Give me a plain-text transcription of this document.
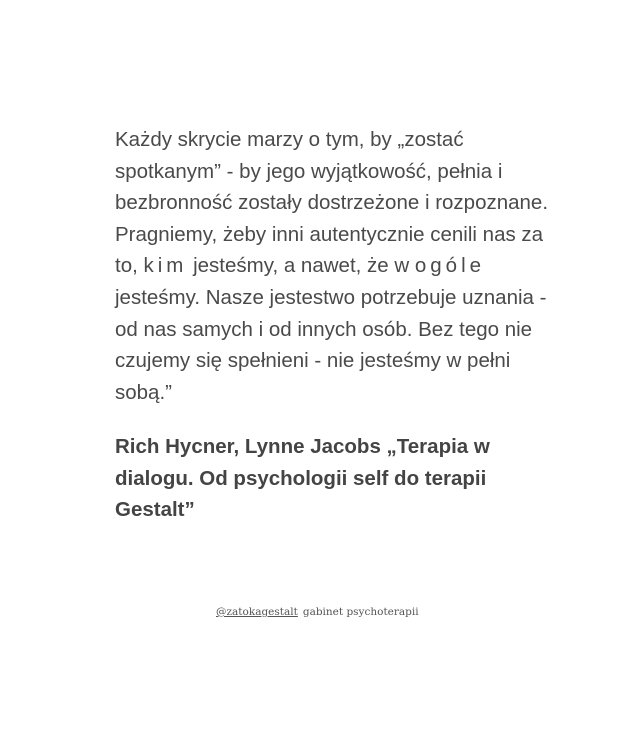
Każdy skrycie marzy o tym, by „zostać
spotkanym” - by jego wyjątkowość, pełnia i
bezbronność zostały dostrzeżone i rozpoznane.
Pragniemy, żeby inni autentycznie cenili nas za
to, kim jesteśmy, a nawet, że w ogóle
jesteśmy. Nasze jestestwo potrzebuje uznania -
od nas samych i od innych osób. Bez tego nie
czujemy się spełnieni - nie jesteśmy w pełni
sobą.”
Rich Hycner, Lynne Jacobs „Terapia w
dialogu. Od psychologii self do terapii
Gestalt”
@zatokagestalt gabinet psychoterapii
